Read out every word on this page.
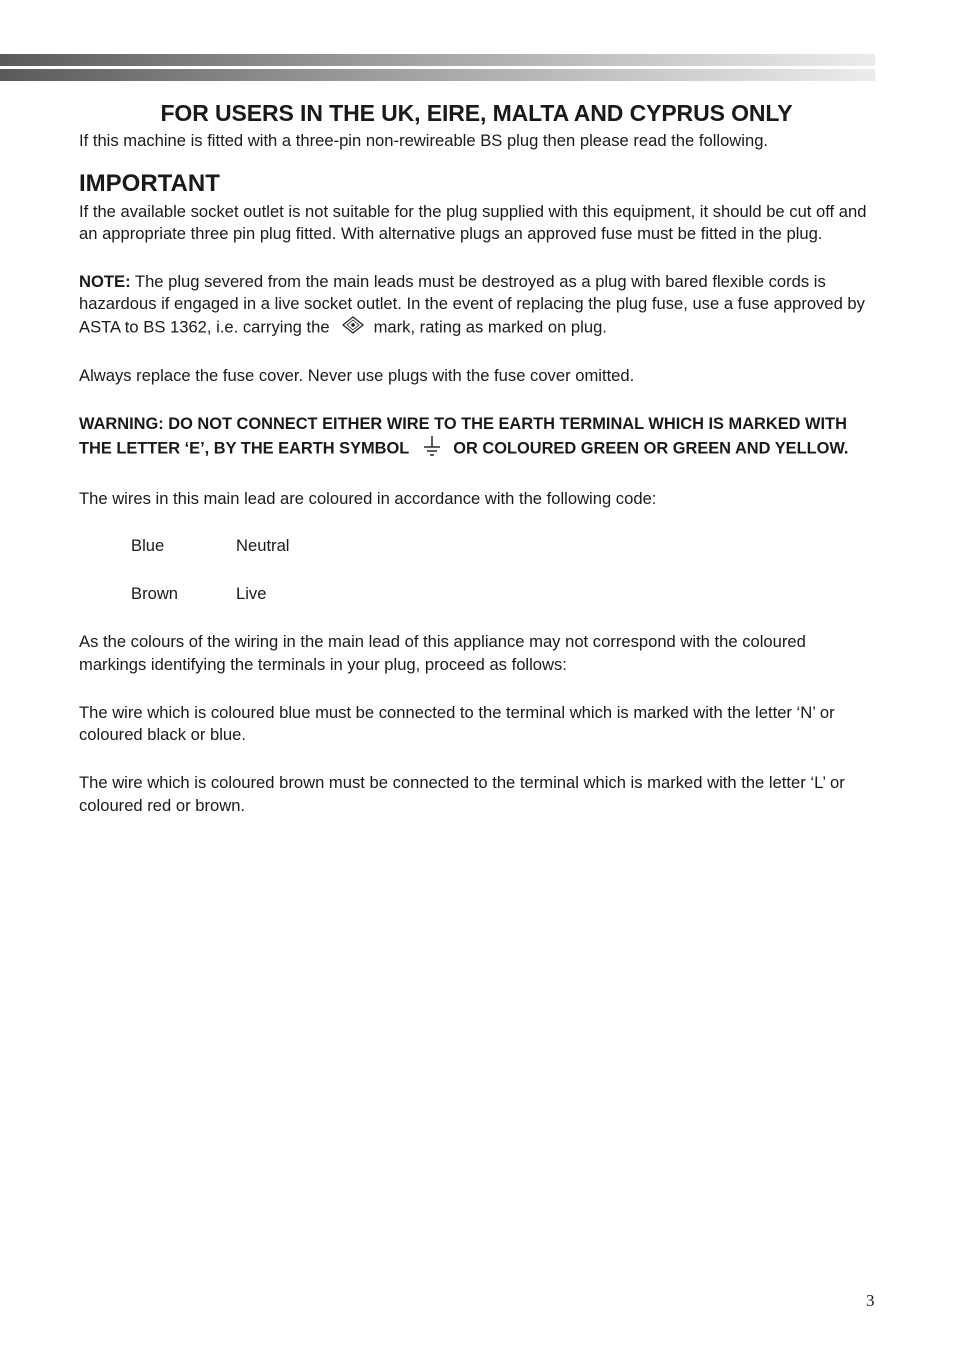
FOR USERS IN THE UK, EIRE, MALTA AND CYPRUS ONLY

If this machine is fitted with a three-pin non-rewireable BS plug then please read the following.

IMPORTANT

If the available socket outlet is not suitable for the plug supplied with this equipment, it should be cut off and an appropriate three pin plug fitted. With alternative plugs an approved fuse must be fitted in the plug.

NOTE: The plug severed from the main leads must be destroyed as a plug with bared flexible cords is hazardous if engaged in a live socket outlet. In the event of replacing the plug fuse, use a fuse approved by ASTA to BS 1362, i.e. carrying the	mark, rating as marked on plug.

Always replace the fuse cover. Never use plugs with the fuse cover omitted.

WARNING: DO NOT CONNECT EITHER WIRE TO THE EARTH TERMINAL WHICH IS MARKED WITH THE LETTER ‘E’, BY THE EARTH SYMBOL	OR COLOURED GREEN OR GREEN AND YELLOW.

The wires in this main lead are coloured in accordance with the following code:

Blue	Neutral
Brown	Live

As the colours of the wiring in the main lead of this appliance may not correspond with the coloured markings identifying the terminals in your plug, proceed as follows:

The wire which is coloured blue must be connected to the terminal which is marked with the letter ‘N’ or coloured black or blue.

The wire which is coloured brown must be connected to the terminal which is marked with the letter ‘L’ or coloured red or brown.

3
